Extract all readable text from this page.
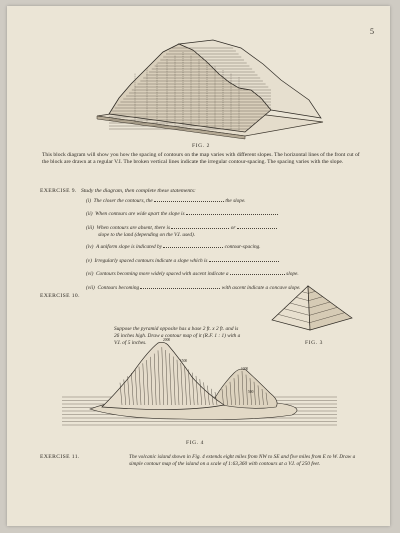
5
FIG. 2
This block diagram will show you how the spacing of contours on the map varies with different slopes. The horizontal lines of the front cut of the block are drawn at a regular V.I. The broken vertical lines indicate the irregular contour-spacing. The spacing varies with the slope.
EXERCISE 9. Study the diagram, then complete these statements:
(i) The closer the contours, the	the slope.
(ii) When contours are wide apart the slope is
(iii) When contours are absent, there is	or
slope to the land (depending on the V.I. used).
(iv) A uniform slope is indicated by	contour-spacing.
(v) Irregularly spaced contours indicate a slope which is
(vi) Contours becoming more widely spaced with ascent indicate a	slope.
(vii) Contours becoming	with ascent indicate a concave slope.
EXERCISE 10.
Suppose the pyramid opposite has a base 2 ft. x 2 ft. and is 26 inches high. Draw a contour map of it (R.F. 1 : 1) with a V.I. of 5 inches.	FIG. 3
2000
1500
1000
500
FIG. 4
EXERCISE 11.	The volcanic island shown in Fig. 4 extends eight miles from NW to SE and five miles from E to W. Draw a simple contour map of the island on a scale of 1:63,360 with contours at a V.I. of 250 feet.
